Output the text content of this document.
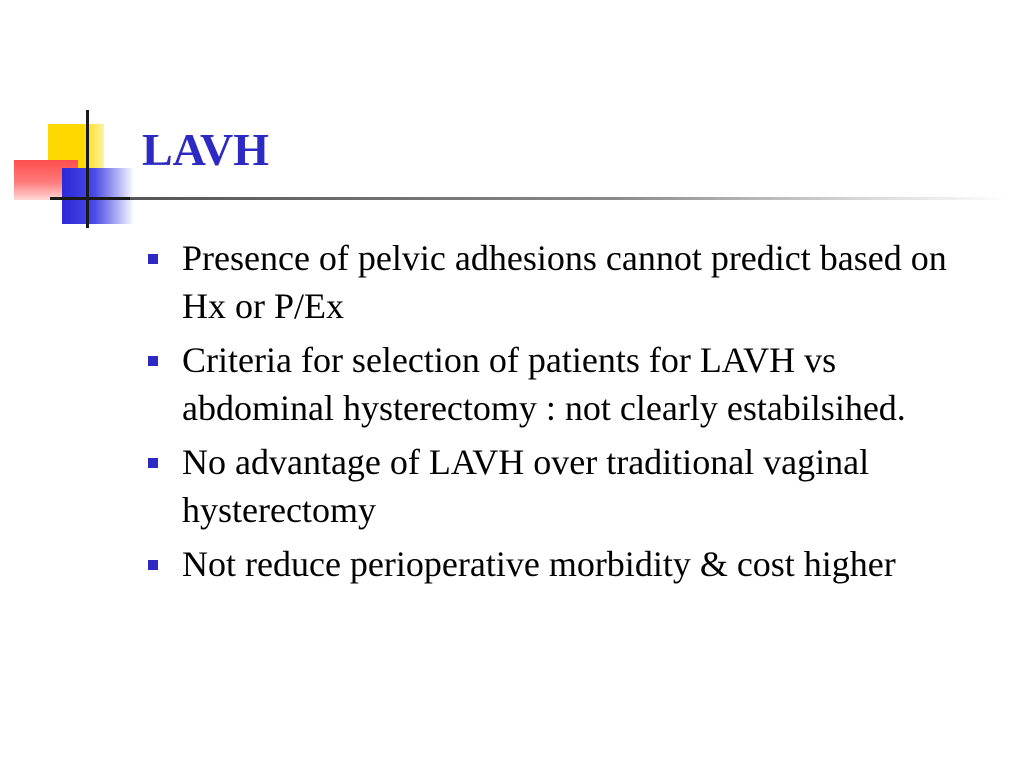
LAVH
Presence of pelvic adhesions cannot predict based on Hx or P/Ex
Criteria for selection of patients for LAVH vs abdominal hysterectomy : not clearly estabilsihed.
No advantage of LAVH over traditional vaginal hysterectomy
Not reduce perioperative morbidity & cost higher
